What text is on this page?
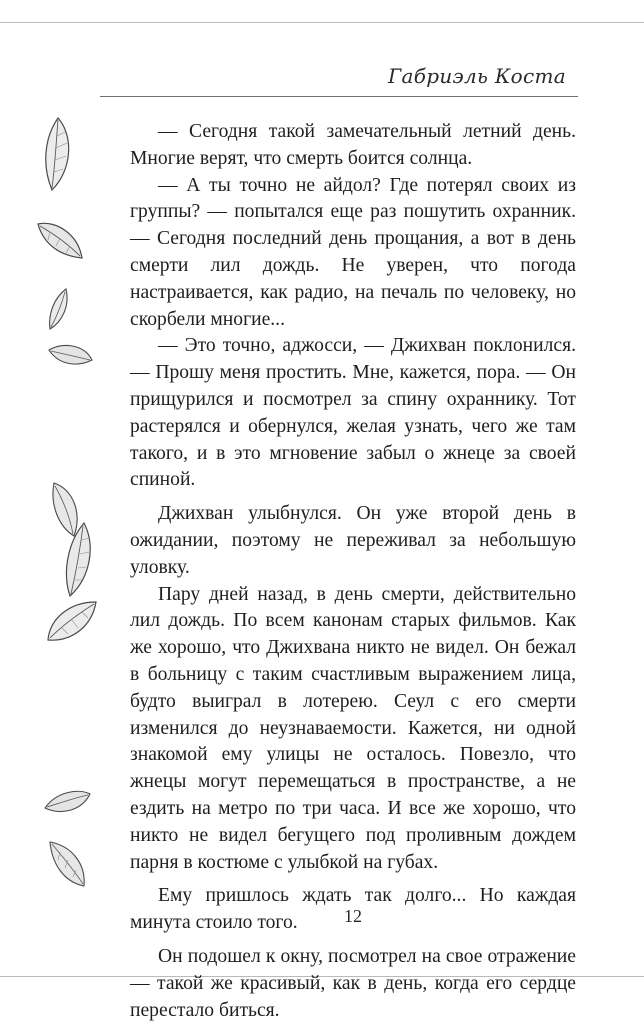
Габриэль Коста

— Сегодня такой замечательный летний день. Многие верят, что смерть боится солнца.

— А ты точно не айдол? Где потерял своих из группы? — попытался еще раз пошутить охранник. — Сегодня последний день прощания, а вот в день смерти лил дождь. Не уверен, что погода настраивается, как радио, на печаль по человеку, но скорбели многие...

— Это точно, аджосси, — Джихван поклонился. — Прошу меня простить. Мне, кажется, пора. — Он прищурился и посмотрел за спину охраннику. Тот растерялся и обернулся, желая узнать, чего же там такого, и в это мгновение забыл о жнеце за своей спиной.

Джихван улыбнулся. Он уже второй день в ожидании, поэтому не переживал за небольшую уловку.

Пару дней назад, в день смерти, действительно лил дождь. По всем канонам старых фильмов. Как же хорошо, что Джихвана никто не видел. Он бежал в больницу с таким счастливым выражением лица, будто выиграл в лотерею. Сеул с его смерти изменился до неузнаваемости. Кажется, ни одной знакомой ему улицы не осталось. Повезло, что жнецы могут перемещаться в пространстве, а не ездить на метро по три часа. И все же хорошо, что никто не видел бегущего под проливным дождем парня в костюме с улыбкой на губах.

Ему пришлось ждать так долго... Но каждая минута стоило того.

Он подошел к окну, посмотрел на свое отражение — такой же красивый, как в день, когда его сердце перестало биться.

12
